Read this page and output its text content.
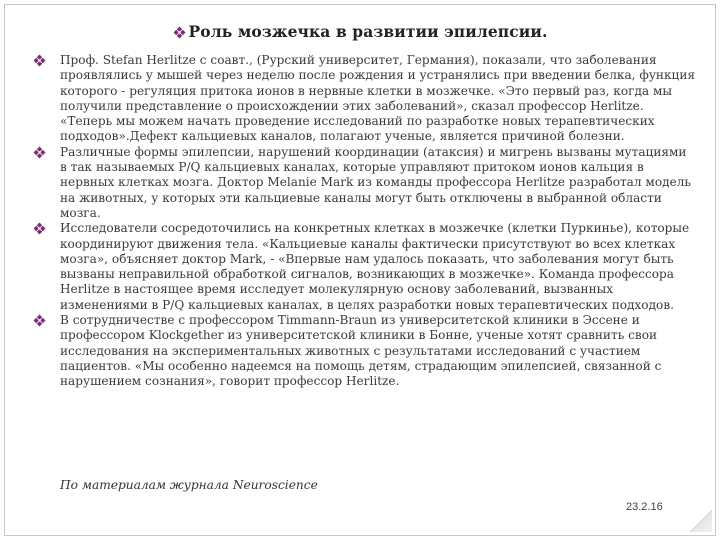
Роль мозжечка в развитии эпилепсии.

Проф. Stefan Herlitze с соавт., (Рурский университет, Германия), показали, что заболевания проявлялись у мышей через неделю после рождения и устранялись при введении белка, функция которого - регуляция притока ионов в нервные клетки в мозжечке. «Это первый раз, когда мы получили представление о происхождении этих заболеваний», сказал профессор Herlitze. «Теперь мы можем начать проведение исследований по разработке новых терапевтических подходов».Дефект кальциевых каналов, полагают ученые, является причиной болезни.

Различные формы эпилепсии, нарушений координации (атаксия) и мигрень вызваны мутациями в так называемых P/Q кальциевых каналах, которые управляют притоком ионов кальция в нервных клетках мозга. Доктор Melanie Mark из команды профессора Herlitze разработал модель на животных, у которых эти кальциевые каналы могут быть отключены в выбранной области мозга.

Исследователи сосредоточились на конкретных клетках в мозжечке (клетки Пуркинье), которые координируют движения тела. «Кальциевые каналы фактически присутствуют во всех клетках мозга», объясняет доктор Mark, - «Впервые нам удалось показать, что заболевания могут быть вызваны неправильной обработкой сигналов, возникающих в мозжечке». Команда профессора Herlitze в настоящее время исследует молекулярную основу заболеваний, вызванных изменениями в P/Q кальциевых каналах, в целях разработки новых терапевтических подходов.

В сотрудничестве с профессором Timmann-Braun из университетской клиники в Эссене и профессором Klockgether из университетской клиники в Бонне, ученые хотят сравнить свои исследования на экспериментальных животных с результатами исследований с участием пациентов. «Мы особенно надеемся на помощь детям, страдающим эпилепсией, связанной с нарушением сознания», говорит профессор Herlitze.

По материалам журнала Neuroscience
23.2.16
